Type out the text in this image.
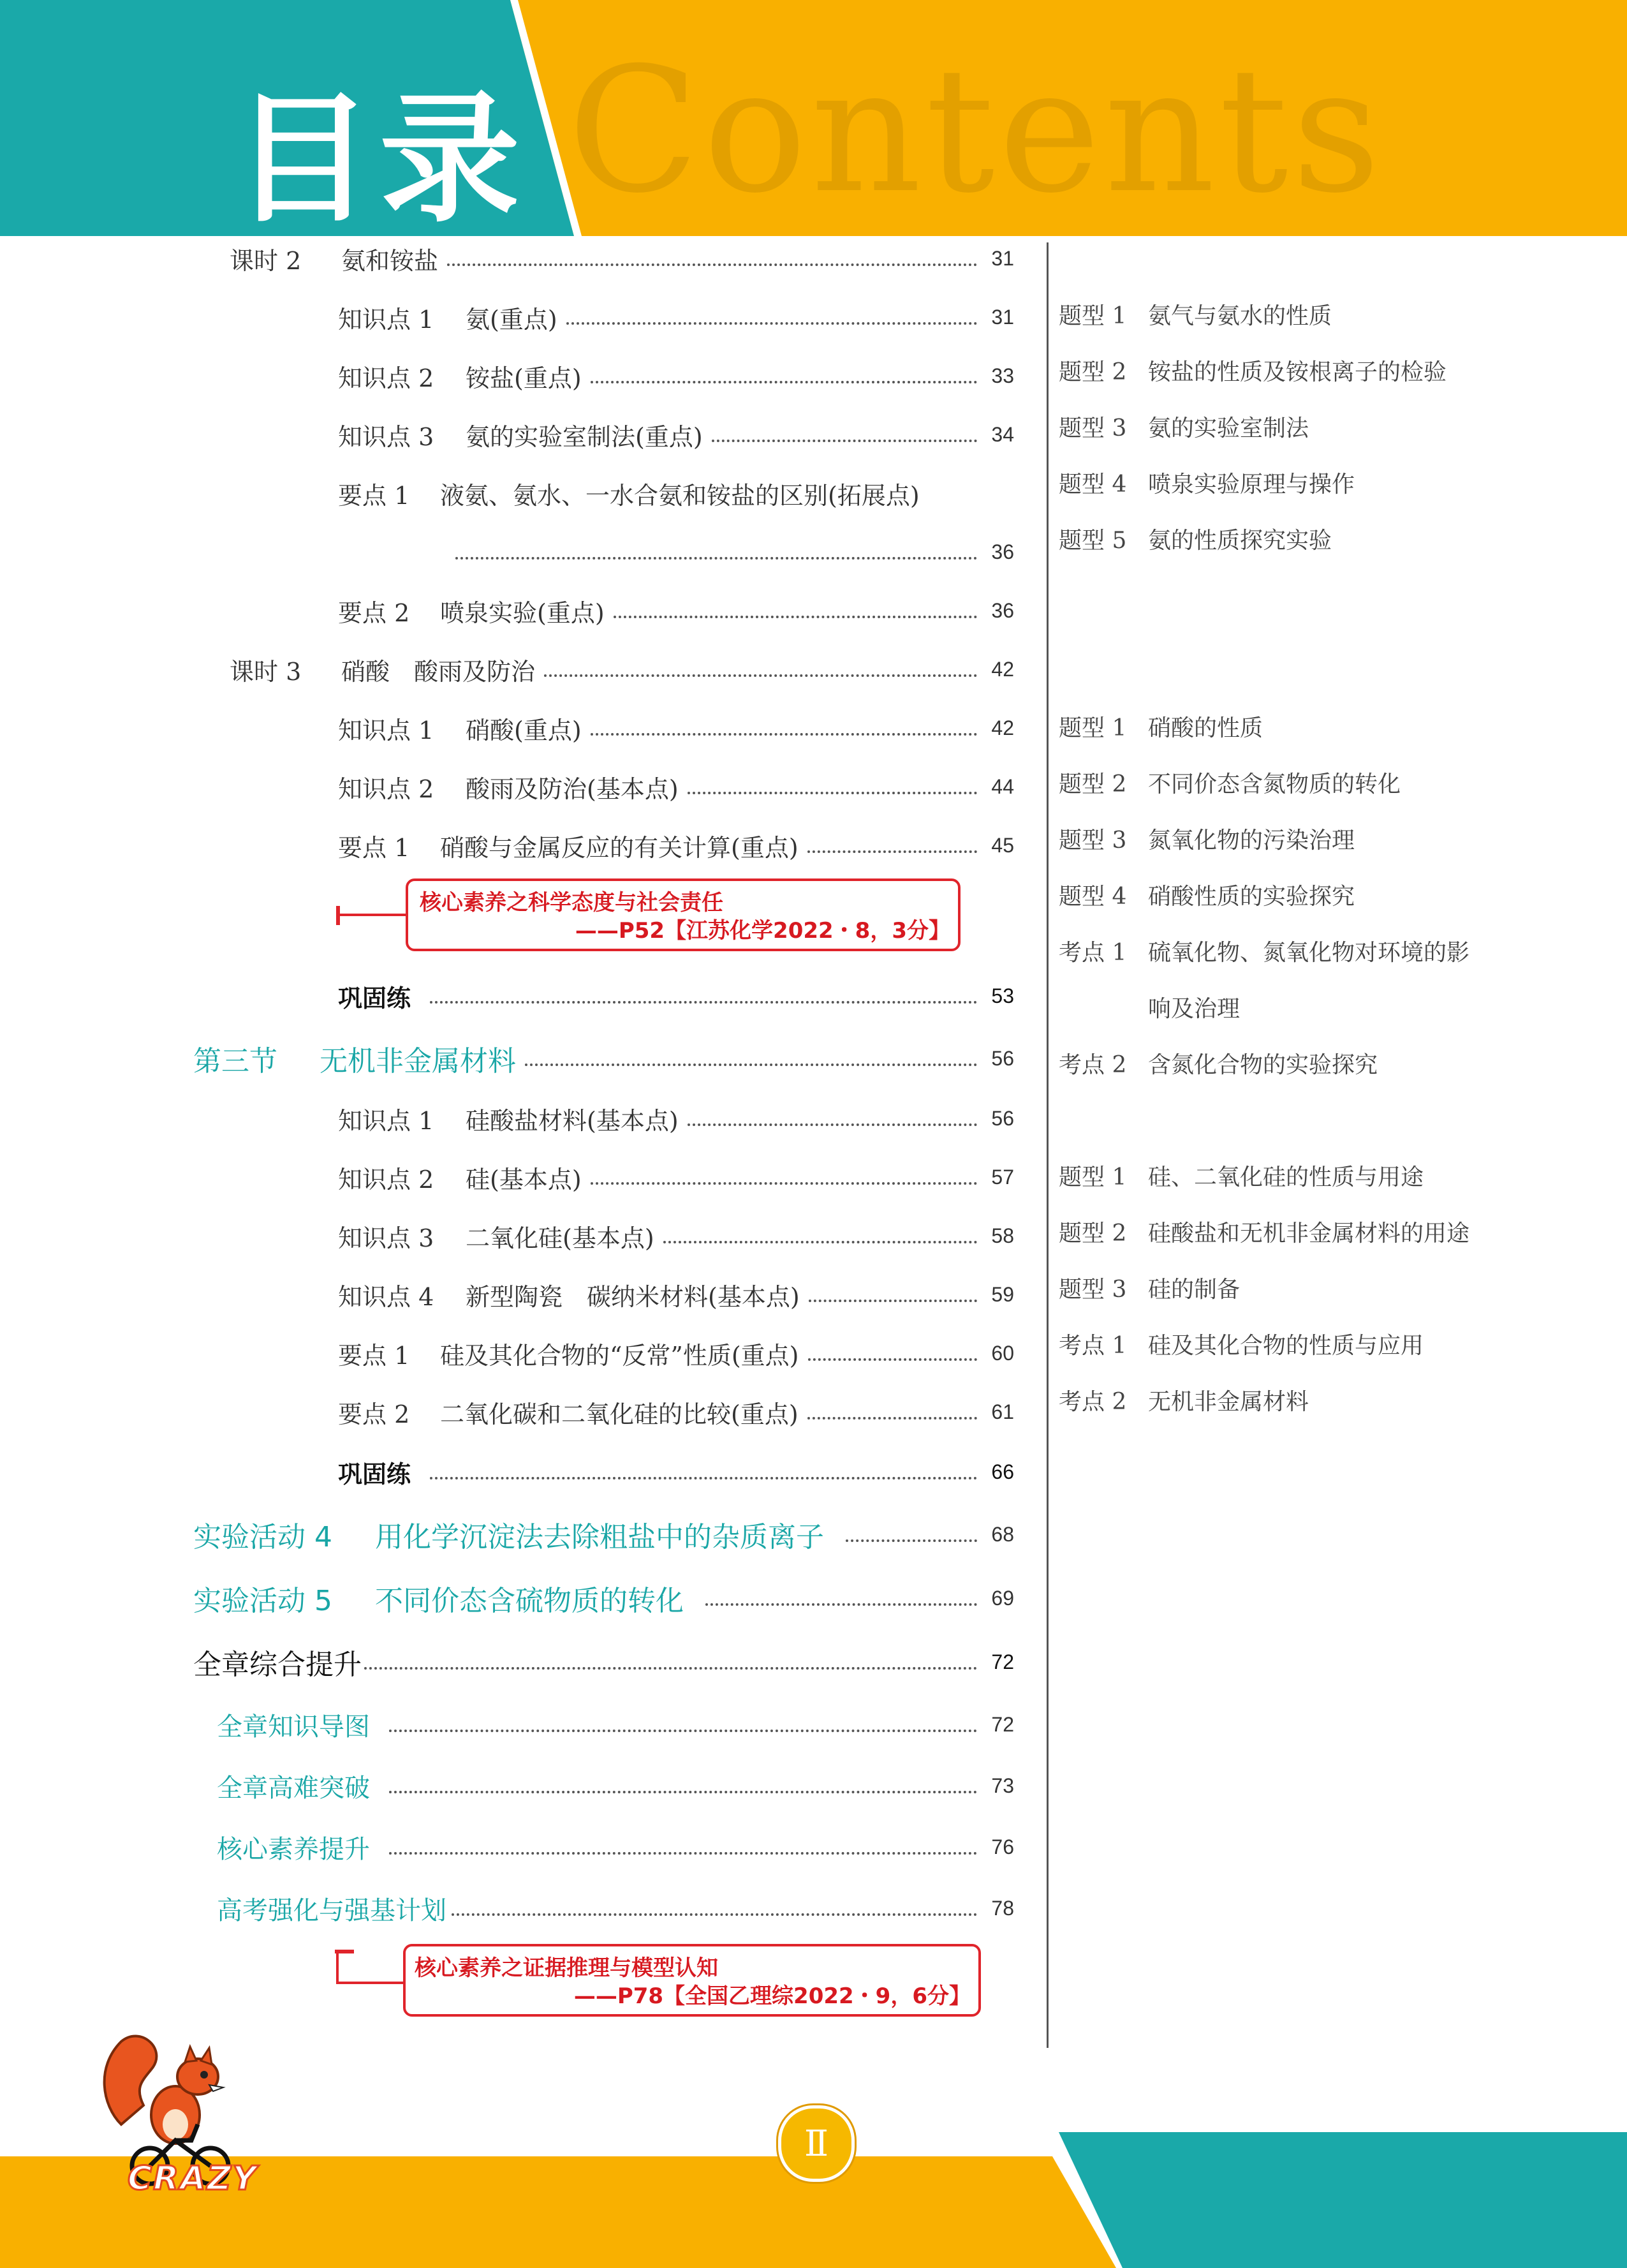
Contents
目录
课时 2	氨和铵盐	31
知识点 1	氨(重点)	31
知识点 2	铵盐(重点)	33
知识点 3	氨的实验室制法(重点)	34
要点 1	液氨、氨水、一水合氨和铵盐的区别(拓展点)
36
要点 2	喷泉实验(重点)	36
课时 3	硝酸　酸雨及防治	42
知识点 1	硝酸(重点)	42
知识点 2	酸雨及防治(基本点)	44
要点 1	硝酸与金属反应的有关计算(重点)	45
核心素养之科学态度与社会责任
——P52【江苏化学2022・8，3分】
巩固练	53
第三节	无机非金属材料	56
知识点 1	硅酸盐材料(基本点)	56
知识点 2	硅(基本点)	57
知识点 3	二氧化硅(基本点)	58
知识点 4	新型陶瓷　碳纳米材料(基本点)	59
要点 1	硅及其化合物的“反常”性质(重点)	60
要点 2	二氧化碳和二氧化硅的比较(重点)	61
巩固练	66
实验活动 4	用化学沉淀法去除粗盐中的杂质离子	68
实验活动 5	不同价态含硫物质的转化	69
全章综合提升	72
全章知识导图	72
全章高难突破	73
核心素养提升	76
高考强化与强基计划	78
核心素养之证据推理与模型认知
——P78【全国乙理综2022・9，6分】
题型 1 氨气与氨水的性质
题型 2 铵盐的性质及铵根离子的检验
题型 3 氨的实验室制法
题型 4 喷泉实验原理与操作
题型 5 氨的性质探究实验
题型 1 硝酸的性质
题型 2 不同价态含氮物质的转化
题型 3 氮氧化物的污染治理
题型 4 硝酸性质的实验探究
考点 1 硫氧化物、氮氧化物对环境的影
响及治理
考点 2 含氮化合物的实验探究
题型 1 硅、二氧化硅的性质与用途
题型 2 硅酸盐和无机非金属材料的用途
题型 3 硅的制备
考点 1 硅及其化合物的性质与应用
考点 2 无机非金属材料
Ⅱ
CRAZY
